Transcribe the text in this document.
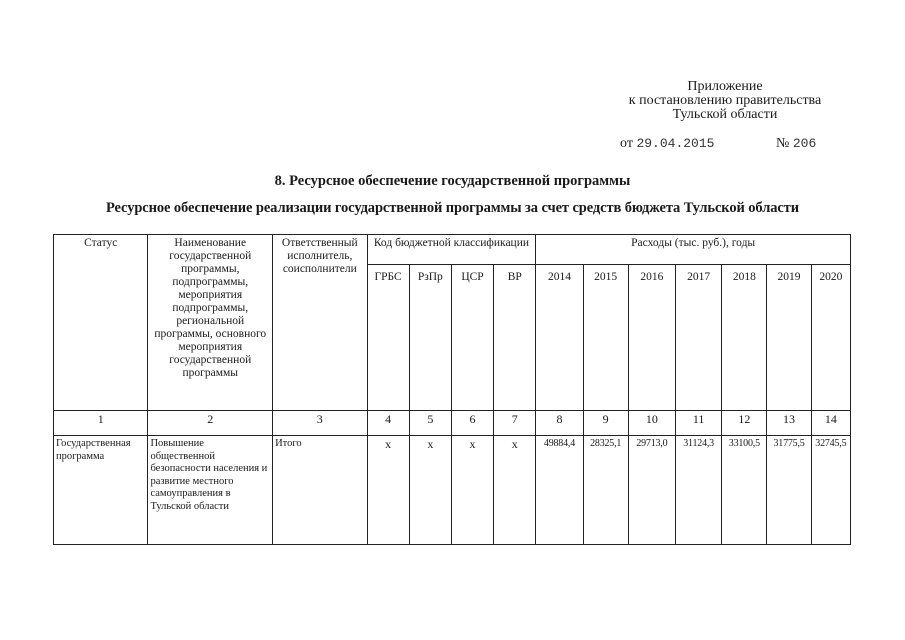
Приложение
к постановлению правительства
Тульской области
от 29.04.2015	№ 206
8. Ресурсное обеспечение государственной программы
Ресурсное обеспечение реализации государственной программы за счет средств бюджета Тульской области
Статус	Наименование государственной программы, подпрограммы, мероприятия подпрограммы, региональной программы, основного мероприятия государственной программы	Ответственный исполнитель, соисполнители	Код бюджетной классификации				Расходы (тыс. руб.), годы						
			ГРБС	РзПр	ЦСР	ВР	2014	2015	2016	2017	2018	2019	2020
1	2	3	4	5	6	7	8	9	10	11	12	13	14
Государственная программа	Повышение общественной безопасности населения и развитие местного самоуправления в Тульской области	Итого	х	х	х	х	49884,4	28325,1	29713,0	31124,3	33100,5	31775,5	32745,5
